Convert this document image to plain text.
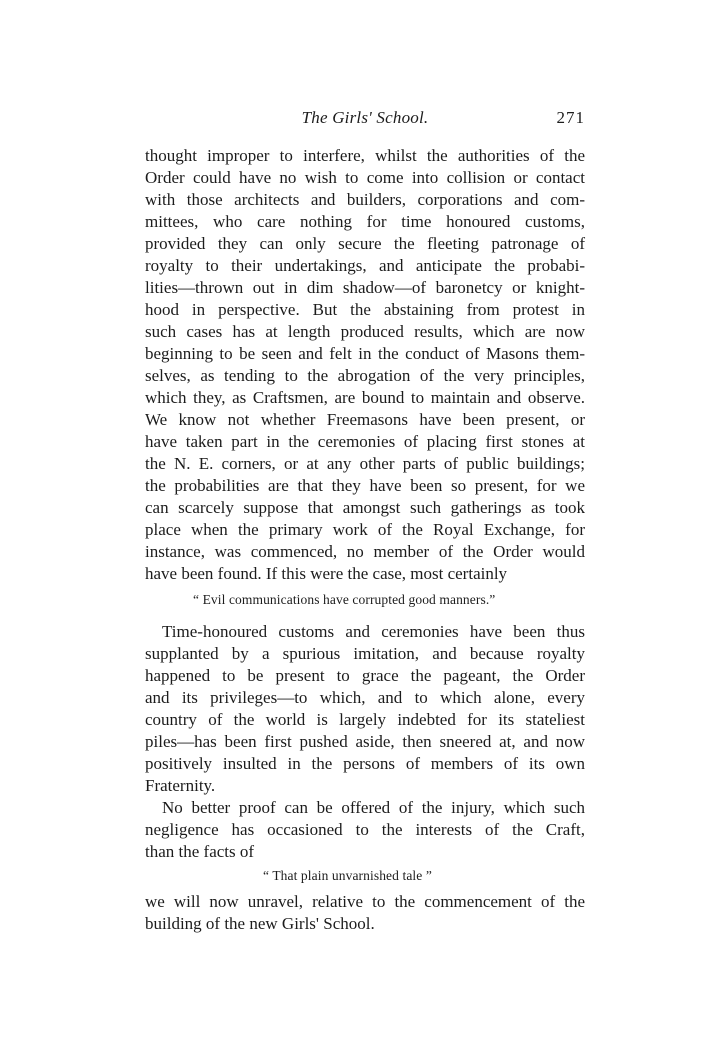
The Girls' School.	271
thought improper to interfere, whilst the authorities of the
Order could have no wish to come into collision or contact
with those architects and builders, corporations and com-
mittees, who care nothing for time honoured customs,
provided they can only secure the fleeting patronage of
royalty to their undertakings, and anticipate the probabi-
lities—thrown out in dim shadow—of baronetcy or knight-
hood in perspective. But the abstaining from protest in
such cases has at length produced results, which are now
beginning to be seen and felt in the conduct of Masons them-
selves, as tending to the abrogation of the very principles,
which they, as Craftsmen, are bound to maintain and observe.
We know not whether Freemasons have been present, or
have taken part in the ceremonies of placing first stones at
the N. E. corners, or at any other parts of public buildings;
the probabilities are that they have been so present, for we
can scarcely suppose that amongst such gatherings as took
place when the primary work of the Royal Exchange, for
instance, was commenced, no member of the Order would
have been found. If this were the case, most certainly
“ Evil communications have corrupted good manners.”
Time-honoured customs and ceremonies have been thus
supplanted by a spurious imitation, and because royalty
happened to be present to grace the pageant, the Order
and its privileges—to which, and to which alone, every
country of the world is largely indebted for its stateliest
piles—has been first pushed aside, then sneered at, and now
positively insulted in the persons of members of its own
Fraternity.
No better proof can be offered of the injury, which such
negligence has occasioned to the interests of the Craft,
than the facts of
“ That plain unvarnished tale ”
we will now unravel, relative to the commencement of the
building of the new Girls' School.
